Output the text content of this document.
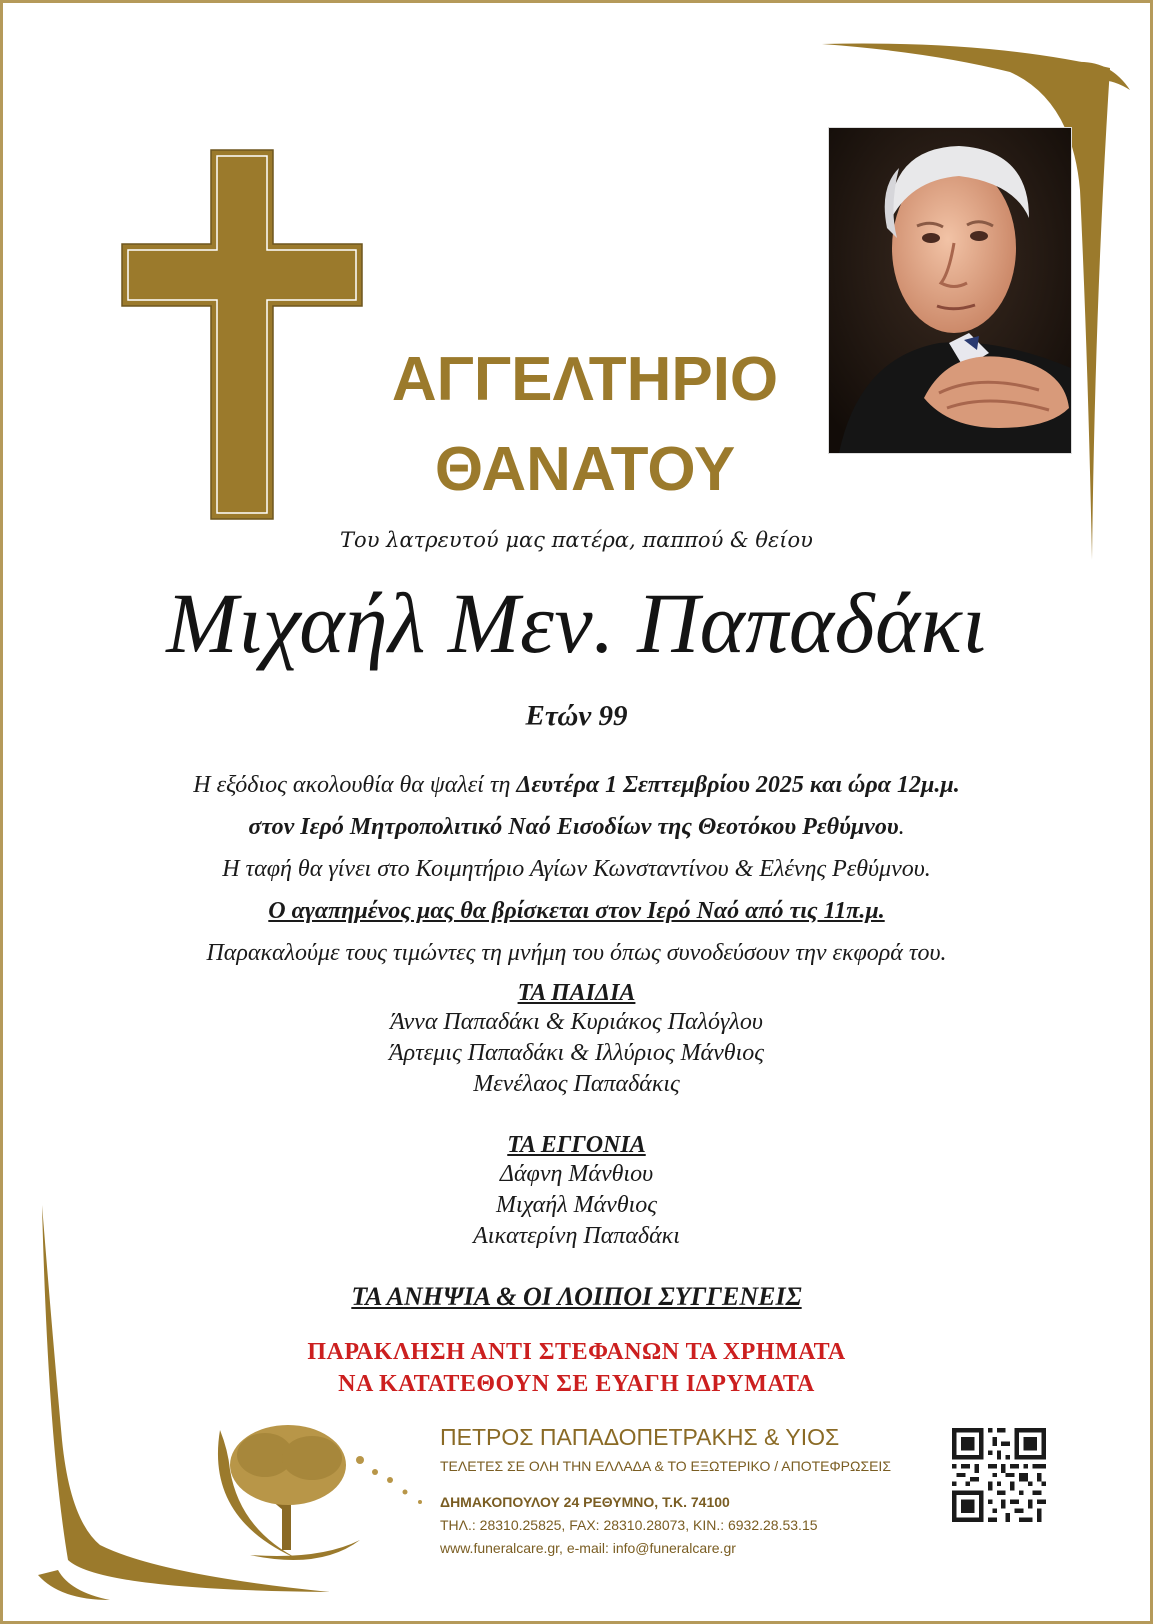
ΑΓΓΕΛΤΗΡΙΟ
ΘΑΝΑΤΟΥ
Του λατρευτού μας πατέρα, παππού & θείου
Μιχαήλ Μεν. Παπαδάκι
Ετών 99
Η εξόδιος ακολουθία θα ψαλεί τη Δευτέρα 1 Σεπτεμβρίου 2025 και ώρα 12μ.μ.
στον Ιερό Μητροπολιτικό Ναό Εισοδίων της Θεοτόκου Ρεθύμνου.
Η ταφή θα γίνει στο Κοιμητήριο Αγίων Κωνσταντίνου & Ελένης Ρεθύμνου.
Ο αγαπημένος μας θα βρίσκεται στον Ιερό Ναό από τις 11π.μ.
Παρακαλούμε τους τιμώντες τη μνήμη του όπως συνοδεύσουν την εκφορά του.
ΤΑ ΠΑΙΔΙΑ
Άννα Παπαδάκι & Κυριάκος Παλόγλου
Άρτεμις Παπαδάκι & Ιλλύριος Μάνθιος
Μενέλαος Παπαδάκις
ΤΑ ΕΓΓΟΝΙΑ
Δάφνη Μάνθιου
Μιχαήλ Μάνθιος
Αικατερίνη Παπαδάκι
ΤΑ ΑΝΗΨΙΑ & ΟΙ ΛΟΙΠΟΙ ΣΥΓΓΕΝΕΙΣ
ΠΑΡΑΚΛΗΣΗ ΑΝΤΙ ΣΤΕΦΑΝΩΝ ΤΑ ΧΡΗΜΑΤΑ
ΝΑ ΚΑΤΑΤΕΘΟΥΝ ΣΕ ΕΥΑΓΗ ΙΔΡΥΜΑΤΑ
ΠΕΤΡΟΣ ΠΑΠΑΔΟΠΕΤΡΑΚΗΣ & ΥΙΟΣ
ΤΕΛΕΤΕΣ ΣΕ ΟΛΗ ΤΗΝ ΕΛΛΑΔΑ & ΤΟ ΕΞΩΤΕΡΙΚΟ / ΑΠΟΤΕΦΡΩΣΕΙΣ
ΔΗΜΑΚΟΠΟΥΛΟΥ 24 ΡΕΘΥΜΝΟ, Τ.Κ. 74100
ΤΗΛ.: 28310.25825, FAX: 28310.28073, ΚΙΝ.: 6932.28.53.15
www.funeralcare.gr, e-mail: info@funeralcare.gr
